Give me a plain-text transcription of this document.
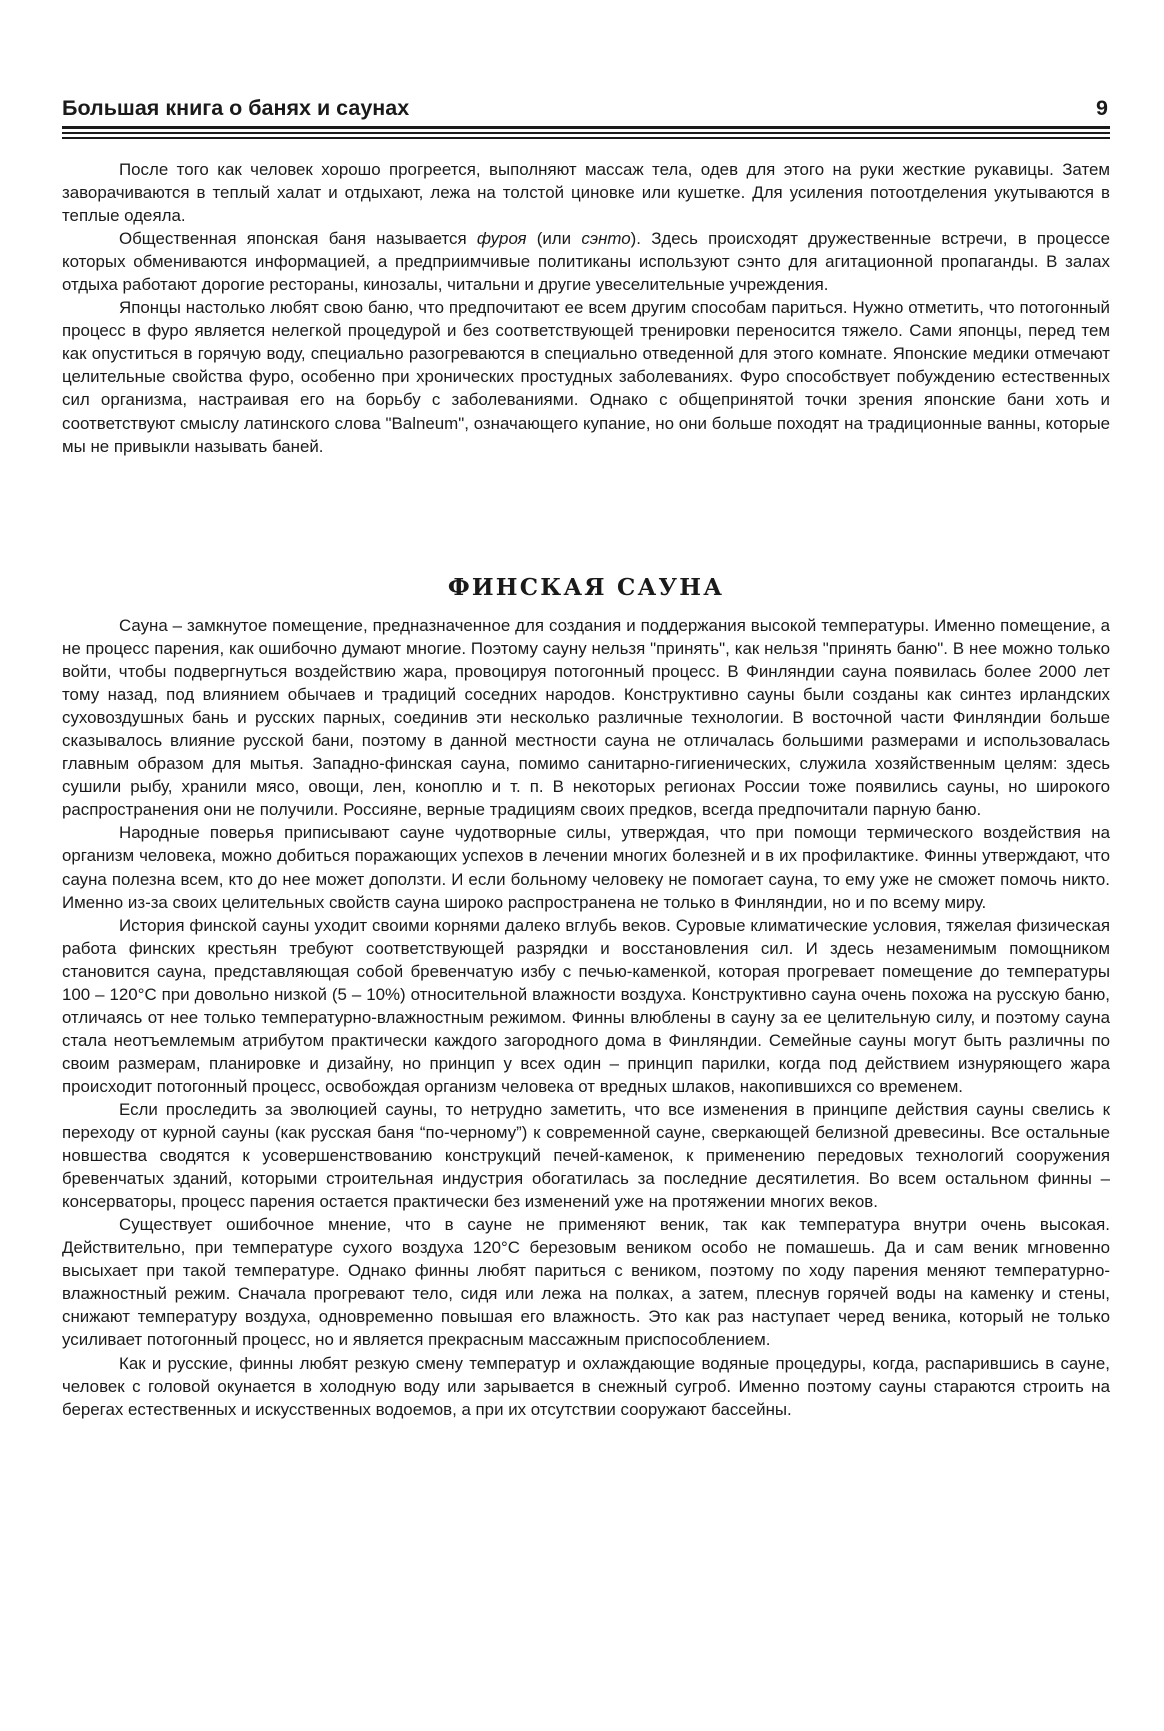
Большая книга о банях и саунах	9

После того как человек хорошо прогреется, выполняют массаж тела, одев для этого на руки жесткие рукавицы. Затем заворачиваются в теплый халат и отдыхают, лежа на толстой циновке или кушетке. Для усиления потоотделения укутываются в теплые одеяла.

Общественная японская баня называется фуроя (или сэнто). Здесь происходят дружественные встречи, в процессе которых обмениваются информацией, а предприимчивые политиканы используют сэнто для агитационной пропаганды. В залах отдыха работают дорогие рестораны, кинозалы, читальни и другие увеселительные учреждения.

Японцы настолько любят свою баню, что предпочитают ее всем другим способам париться. Нужно отметить, что потогонный процесс в фуро является нелегкой процедурой и без соответствующей тренировки переносится тяжело. Сами японцы, перед тем как опуститься в горячую воду, специально разогреваются в специально отведенной для этого комнате. Японские медики отмечают целительные свойства фуро, особенно при хронических простудных заболеваниях. Фуро способствует побуждению естественных сил организма, настраивая его на борьбу с заболеваниями. Однако с общепринятой точки зрения японские бани хоть и соответствуют смыслу латинского слова "Balneum", означающего купание, но они больше походят на традиционные ванны, которые мы не привыкли называть баней.

ФИНСКАЯ САУНА

Сауна – замкнутое помещение, предназначенное для создания и поддержания высокой температуры. Именно помещение, а не процесс парения, как ошибочно думают многие. Поэтому сауну нельзя "принять", как нельзя "принять баню". В нее можно только войти, чтобы подвергнуться воздействию жара, провоцируя потогонный процесс. В Финляндии сауна появилась более 2000 лет тому назад, под влиянием обычаев и традиций соседних народов. Конструктивно сауны были созданы как синтез ирландских суховоздушных бань и русских парных, соединив эти несколько различные технологии. В восточной части Финляндии больше сказывалось влияние русской бани, поэтому в данной местности сауна не отличалась большими размерами и использовалась главным образом для мытья. Западно-финская сауна, помимо санитарно-гигиенических, служила хозяйственным целям: здесь сушили рыбу, хранили мясо, овощи, лен, коноплю и т. п. В некоторых регионах России тоже появились сауны, но широкого распространения они не получили. Россияне, верные традициям своих предков, всегда предпочитали парную баню.

Народные поверья приписывают сауне чудотворные силы, утверждая, что при помощи термического воздействия на организм человека, можно добиться поражающих успехов в лечении многих болезней и в их профилактике. Финны утверждают, что сауна полезна всем, кто до нее может доползти. И если больному человеку не помогает сауна, то ему уже не сможет помочь никто. Именно из-за своих целительных свойств сауна широко распространена не только в Финляндии, но и по всему миру.

История финской сауны уходит своими корнями далеко вглубь веков. Суровые климатические условия, тяжелая физическая работа финских крестьян требуют соответствующей разрядки и восстановления сил. И здесь незаменимым помощником становится сауна, представляющая собой бревенчатую избу с печью-каменкой, которая прогревает помещение до температуры 100 – 120°С при довольно низкой (5 – 10%) относительной влажности воздуха. Конструктивно сауна очень похожа на русскую баню, отличаясь от нее только температурно-влажностным режимом. Финны влюблены в сауну за ее целительную силу, и поэтому сауна стала неотъемлемым атрибутом практически каждого загородного дома в Финляндии. Семейные сауны могут быть различны по своим размерам, планировке и дизайну, но принцип у всех один – принцип парилки, когда под действием изнуряющего жара происходит потогонный процесс, освобождая организм человека от вредных шлаков, накопившихся со временем.

Если проследить за эволюцией сауны, то нетрудно заметить, что все изменения в принципе действия сауны свелись к переходу от курной сауны (как русская баня “по-черному”) к современной сауне, сверкающей белизной древесины. Все остальные новшества сводятся к усовершенствованию конструкций печей-каменок, к применению передовых технологий сооружения бревенчатых зданий, которыми строительная индустрия обогатилась за последние десятилетия. Во всем остальном финны – консерваторы, процесс парения остается практически без изменений уже на протяжении многих веков.

Существует ошибочное мнение, что в сауне не применяют веник, так как температура внутри очень высокая. Действительно, при температуре сухого воздуха 120°С березовым веником особо не помашешь. Да и сам веник мгновенно высыхает при такой температуре. Однако финны любят париться с веником, поэтому по ходу парения меняют температурно-влажностный режим. Сначала прогревают тело, сидя или лежа на полках, а затем, плеснув горячей воды на каменку и стены, снижают температуру воздуха, одновременно повышая его влажность. Это как раз наступает черед веника, который не только усиливает потогонный процесс, но и является прекрасным массажным приспособлением.

Как и русские, финны любят резкую смену температур и охлаждающие водяные процедуры, когда, распарившись в сауне, человек с головой окунается в холодную воду или зарывается в снежный сугроб. Именно поэтому сауны стараются строить на берегах естественных и искусственных водоемов, а при их отсутствии сооружают бассейны.
